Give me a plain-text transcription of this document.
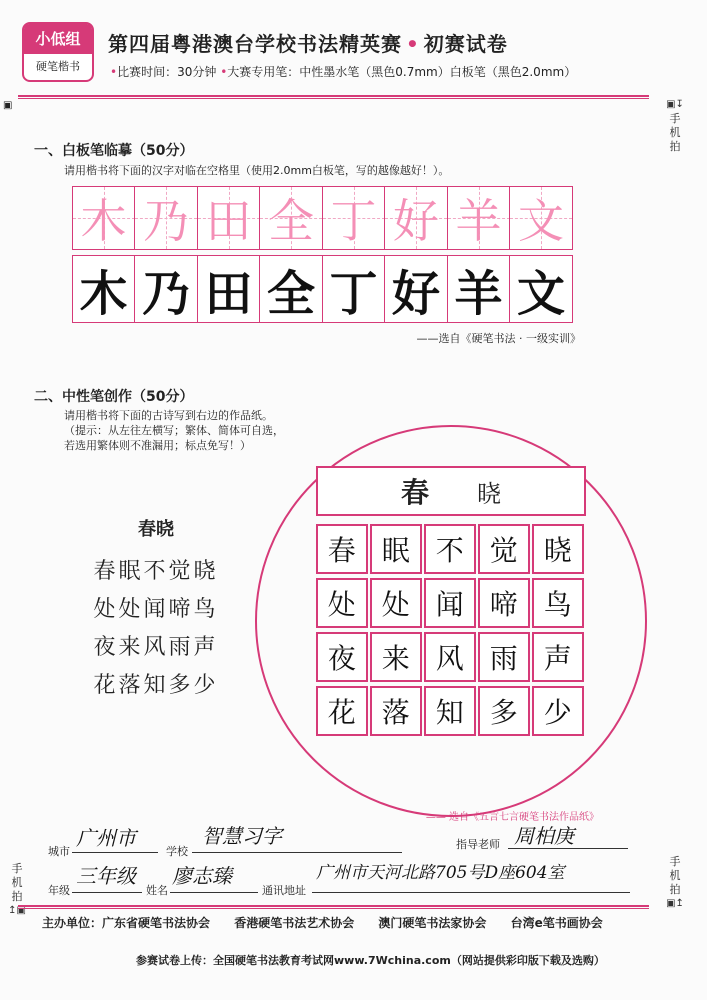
小低组
硬笔楷书
第四届粤港澳台学校书法精英赛 • 初赛试卷
•比赛时间：30分钟 •大赛专用笔：中性墨水笔（黑色0.7mm）白板笔（黑色2.0mm）
▣	▣↧
手机拍
一、白板笔临摹（50分）
请用楷书将下面的汉字对临在空格里（使用2.0mm白板笔，写的越像越好！）。
木 乃 田 全 丁 好 羊 文
木 乃 田 全 丁 好 羊 文
——选自《硬笔书法 · 一级实训》
二、中性笔创作（50分）
请用楷书将下面的古诗写到右边的作品纸。
（提示：从左往左横写；繁体、简体可自选，
若选用繁体则不准漏用；标点免写！）
春晓
春眠不觉晓
处处闻啼鸟
夜来风雨声
花落知多少
春 晓
春 眠 不 觉 晓
处 处 闻 啼 鸟
夜 来 风 雨 声
花 落 知 多 少
—— 选自《五言七言硬笔书法作品纸》
城市
广州市
学校
智慧习字	指导老师 周柏庚
年级
三年级
姓名
廖志臻
通讯地址
广州市天河北路705号D座604室
手机拍
↥▣
手机拍
▣↥
主办单位：广东省硬笔书法协会 香港硬笔书法艺术协会 澳门硬笔书法家协会 台湾e笔书画协会
参赛试卷上传：全国硬笔书法教育考试网www.7Wchina.com（网站提供彩印版下载及选购）
